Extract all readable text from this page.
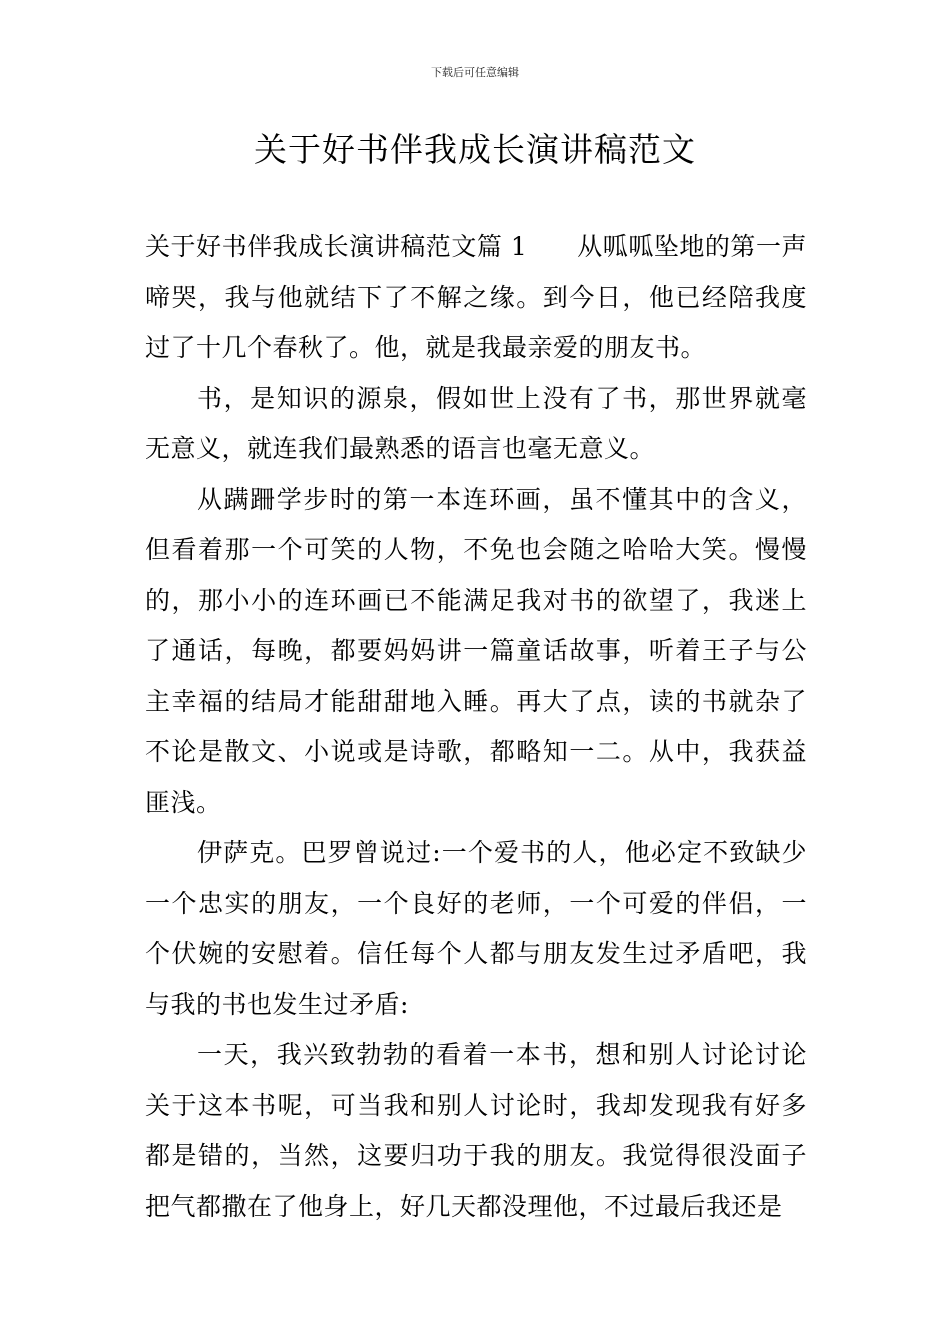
下载后可任意编辑
关于好书伴我成长演讲稿范文

关于好书伴我成长演讲稿范文篇 1 从呱呱坠地的第一声啼哭，我与他就结下了不解之缘。到今日，他已经陪我度过了十几个春秋了。他，就是我最亲爱的朋友书。

书，是知识的源泉，假如世上没有了书，那世界就毫无意义，就连我们最熟悉的语言也毫无意义。

从蹒跚学步时的第一本连环画，虽不懂其中的含义，但看着那一个可笑的人物，不免也会随之哈哈大笑。慢慢的，那小小的连环画已不能满足我对书的欲望了，我迷上了通话，每晚，都要妈妈讲一篇童话故事，听着王子与公主幸福的结局才能甜甜地入睡。再大了点，读的书就杂了不论是散文、小说或是诗歌，都略知一二。从中，我获益匪浅。

伊萨克。巴罗曾说过:一个爱书的人，他必定不致缺少一个忠实的朋友，一个良好的老师，一个可爱的伴侣，一个伏婉的安慰着。信任每个人都与朋友发生过矛盾吧，我与我的书也发生过矛盾:

一天，我兴致勃勃的看着一本书，想和别人讨论讨论关于这本书呢，可当我和别人讨论时，我却发现我有好多都是错的，当然，这要归功于我的朋友。我觉得很没面子把气都撒在了他身上，好几天都没理他，不过最后我还是
